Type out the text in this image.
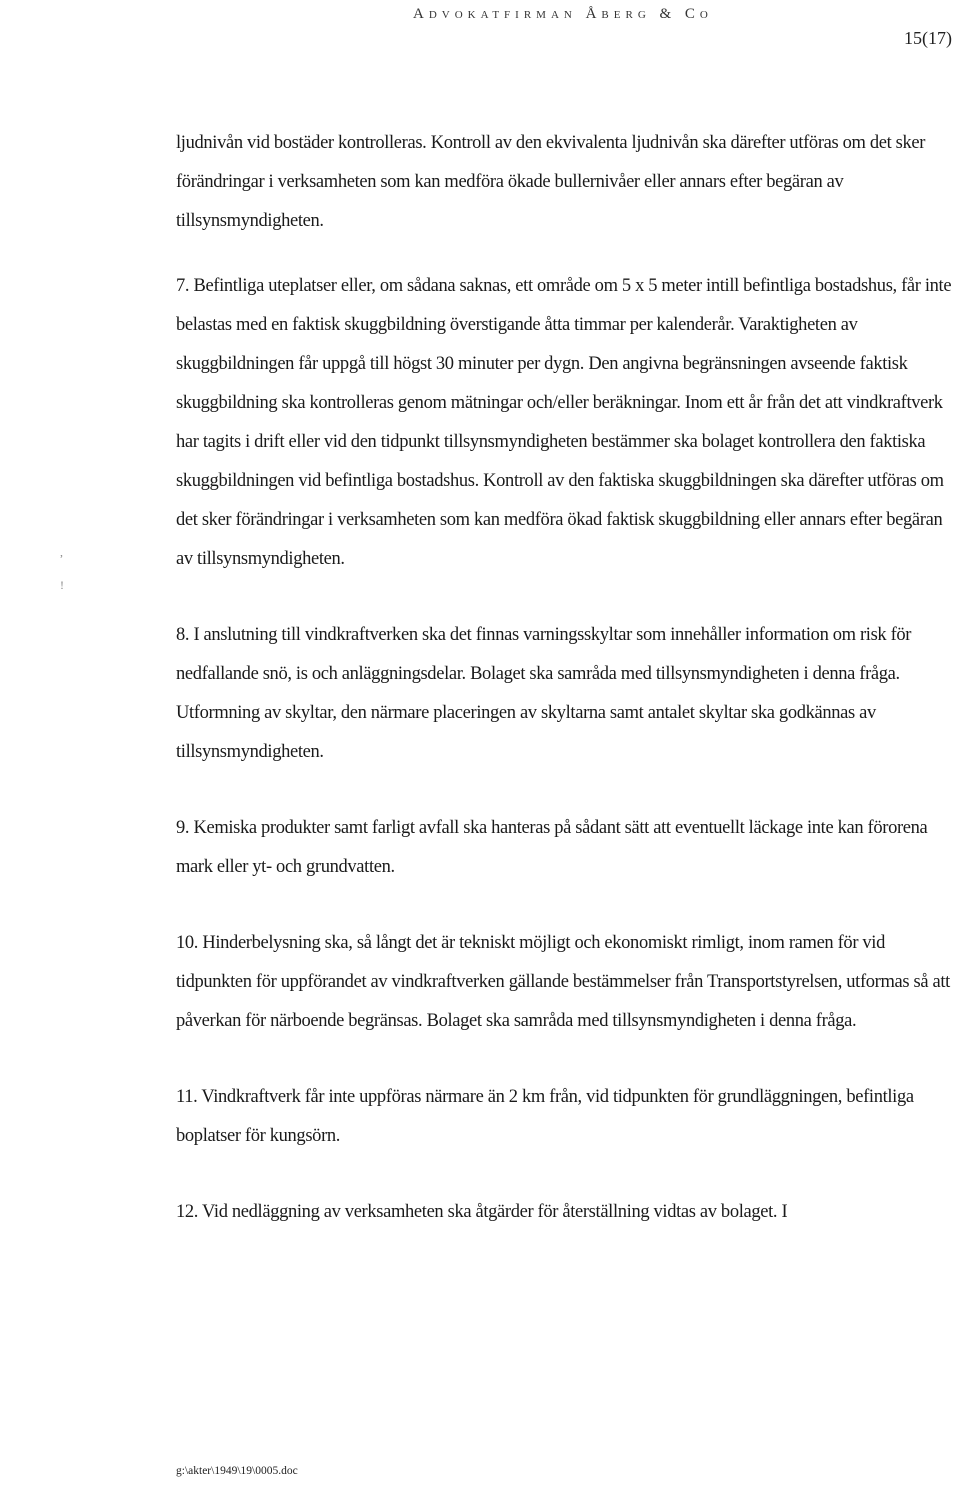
Advokatfirman Åberg & Co
15(17)

ljudnivån vid bostäder kontrolleras. Kontroll av den ekvivalenta ljudnivån ska därefter utföras om det sker förändringar i verksamheten som kan medföra ökade bullernivåer eller annars efter begäran av tillsynsmyndigheten.

7. Befintliga uteplatser eller, om sådana saknas, ett område om 5 x 5 meter intill befintliga bostadshus, får inte belastas med en faktisk skuggbildning överstigande åtta timmar per kalenderår. Varaktigheten av skuggbildningen får uppgå till högst 30 minuter per dygn. Den angivna begränsningen avseende faktisk skuggbildning ska kontrolleras genom mätningar och/eller beräkningar. Inom ett år från det att vindkraftverk har tagits i drift eller vid den tidpunkt tillsynsmyndigheten bestämmer ska bolaget kontrollera den faktiska skuggbildningen vid befintliga bostadshus. Kontroll av den faktiska skuggbildningen ska därefter utföras om det sker förändringar i verksamheten som kan medföra ökad faktisk skuggbildning eller annars efter begäran av tillsynsmyndigheten.

8. I anslutning till vindkraftverken ska det finnas varningsskyltar som innehåller information om risk för nedfallande snö, is och anläggningsdelar. Bolaget ska samråda med tillsynsmyndigheten i denna fråga. Utformning av skyltar, den närmare placeringen av skyltarna samt antalet skyltar ska godkännas av tillsynsmyndigheten.

9. Kemiska produkter samt farligt avfall ska hanteras på sådant sätt att eventuellt läckage inte kan förorena mark eller yt- och grundvatten.

10. Hinderbelysning ska, så långt det är tekniskt möjligt och ekonomiskt rimligt, inom ramen för vid tidpunkten för uppförandet av vindkraftverken gällande bestämmelser från Transportstyrelsen, utformas så att påverkan för närboende begränsas. Bolaget ska samråda med tillsynsmyndigheten i denna fråga.

11. Vindkraftverk får inte uppföras närmare än 2 km från, vid tidpunkten för grundläggningen, befintliga boplatser för kungsörn.

12. Vid nedläggning av verksamheten ska åtgärder för återställning vidtas av bolaget. I

g:\akter\1949\19\0005.doc
,
!
